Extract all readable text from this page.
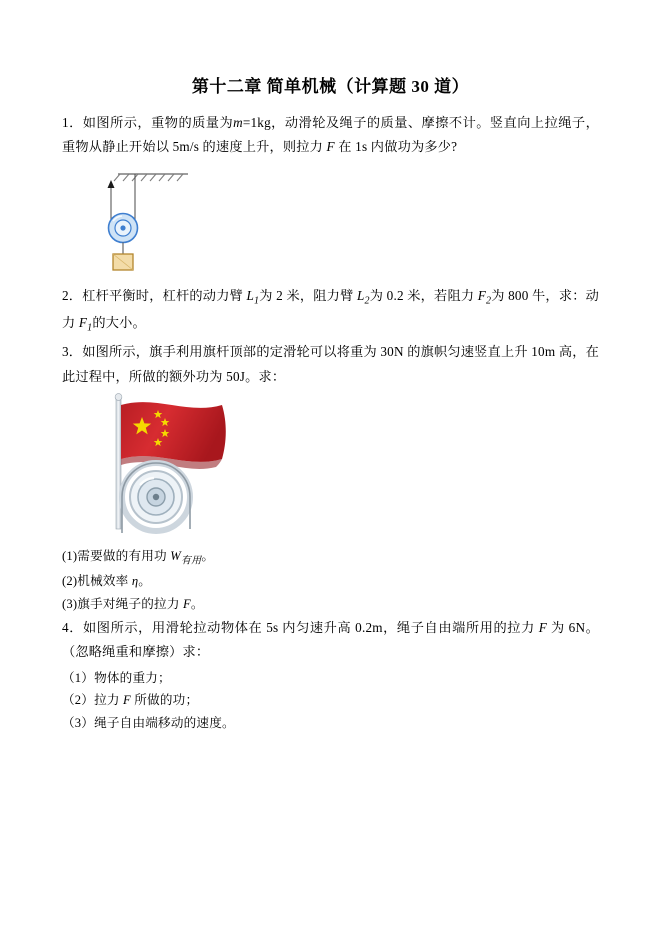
第十二章 简单机械（计算题 30 道）

1．如图所示，重物的质量为m=1kg，动滑轮及绳子的质量、摩擦不计。竖直向上拉绳子，重物从静止开始以 5m/s 的速度上升，则拉力 F 在 1s 内做功为多少?

2．杠杆平衡时，杠杆的动力臂 $L_1$为 2 米，阻力臂 $L_2$为 0.2 米，若阻力 $F_2$为 800 牛，求：动力 $F_1$的大小。

3．如图所示，旗手利用旗杆顶部的定滑轮可以将重为 30N 的旗帜匀速竖直上升 10m 高，在此过程中，所做的额外功为 50J。求：

(1)需要做的有用功 $W_{有用}$。

(2)机械效率 η。

(3)旗手对绳子的拉力 F。

4．如图所示，用滑轮拉动物体在 5s 内匀速升高 0.2m，绳子自由端所用的拉力 F 为 6N。（忽略绳重和摩擦）求：

（1）物体的重力；

（2）拉力 F 所做的功；

（3）绳子自由端移动的速度。
